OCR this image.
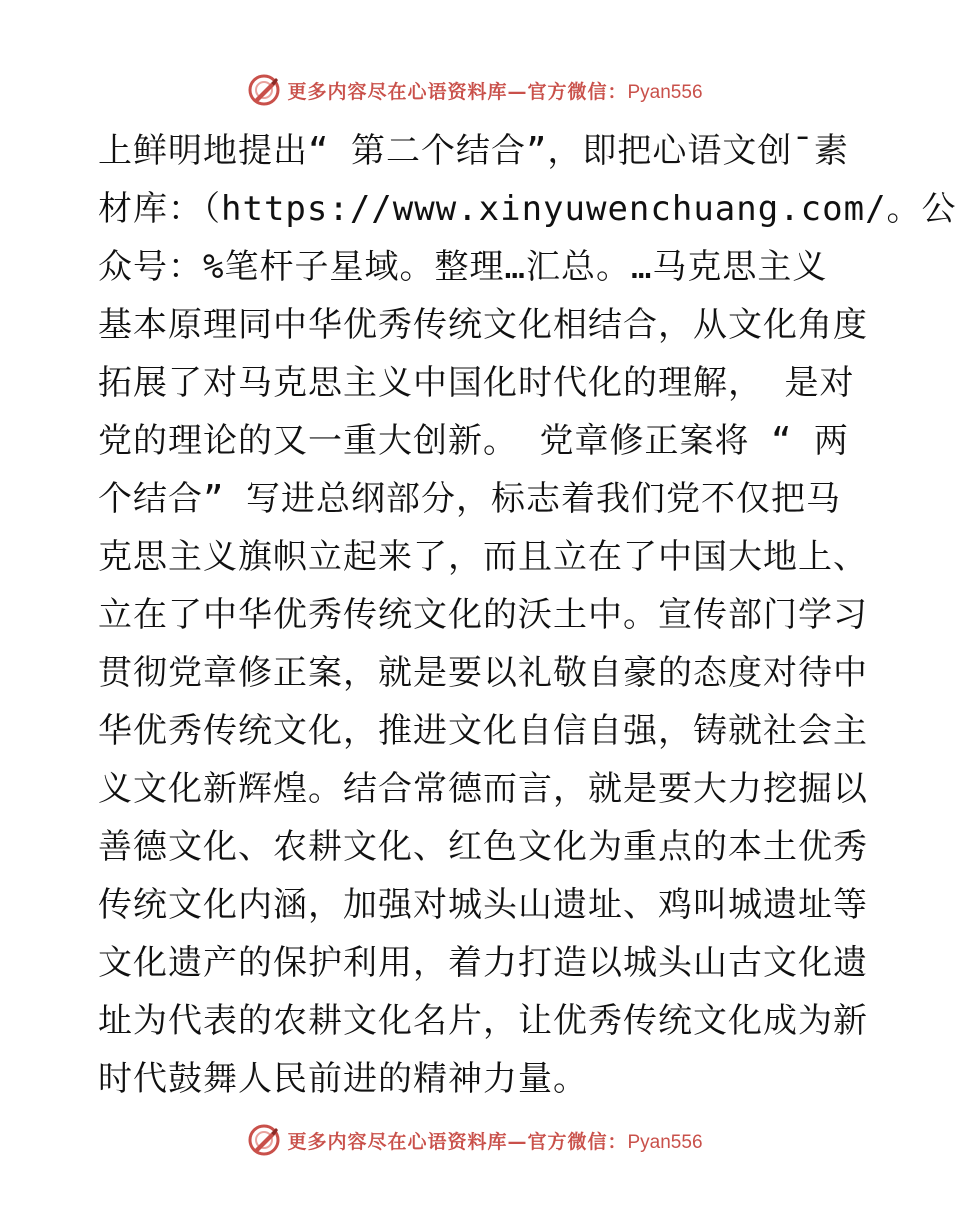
更多内容尽在心语资料库—官方微信：Pyan556
上鲜明地提出“ 第二个结合”，即把心语文创¯素
材库：（https://www.xinyuwenchuang.com/。公
众号：%笔杆子星域。整理…汇总。…马克思主义
基本原理同中华优秀传统文化相结合，从文化角度
拓展了对马克思主义中国化时代化的理解， 是对
党的理论的又一重大创新。 党章修正案将 “ 两
个结合” 写进总纲部分，标志着我们党不仅把马
克思主义旗帜立起来了，而且立在了中国大地上、
立在了中华优秀传统文化的沃土中。宣传部门学习
贯彻党章修正案，就是要以礼敬自豪的态度对待中
华优秀传统文化，推进文化自信自强，铸就社会主
义文化新辉煌。结合常德而言，就是要大力挖掘以
善德文化、农耕文化、红色文化为重点的本土优秀
传统文化内涵，加强对城头山遗址、鸡叫城遗址等
文化遗产的保护利用，着力打造以城头山古文化遗
址为代表的农耕文化名片，让优秀传统文化成为新
时代鼓舞人民前进的精神力量。
更多内容尽在心语资料库—官方微信：Pyan556
